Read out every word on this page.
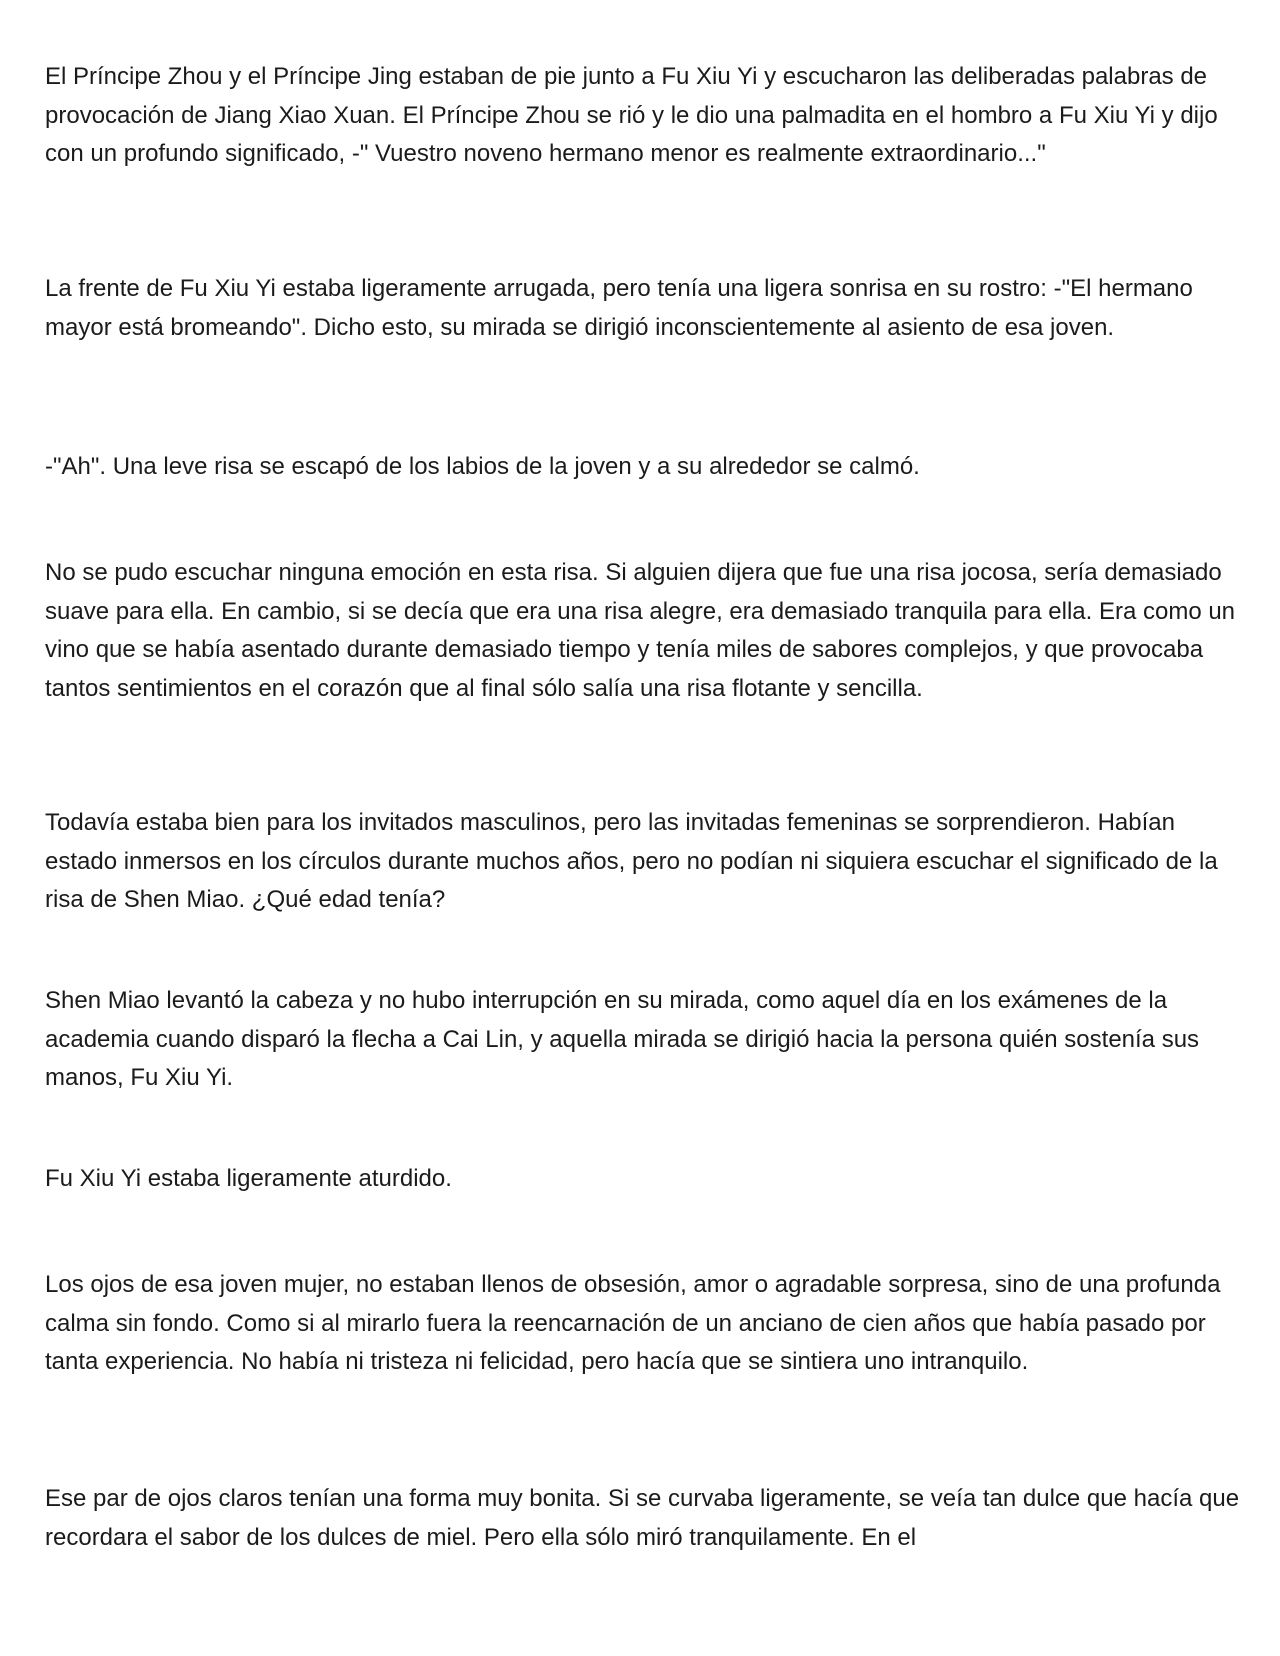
El Príncipe Zhou y el Príncipe Jing estaban de pie junto a Fu Xiu Yi y escucharon las deliberadas palabras de provocación de Jiang Xiao Xuan. El Príncipe Zhou se rió y le dio una palmadita en el hombro a Fu Xiu Yi y dijo con un profundo significado, -" Vuestro noveno hermano menor es realmente extraordinario..."

La frente de Fu Xiu Yi estaba ligeramente arrugada, pero tenía una ligera sonrisa en su rostro: -"El hermano mayor está bromeando". Dicho esto, su mirada se dirigió inconscientemente al asiento de esa joven.

-"Ah". Una leve risa se escapó de los labios de la joven y a su alrededor se calmó.

No se pudo escuchar ninguna emoción en esta risa. Si alguien dijera que fue una risa jocosa, sería demasiado suave para ella. En cambio, si se decía que era una risa alegre, era demasiado tranquila para ella. Era como un vino que se había asentado durante demasiado tiempo y tenía miles de sabores complejos, y que provocaba tantos sentimientos en el corazón que al final sólo salía una risa flotante y sencilla.

Todavía estaba bien para los invitados masculinos, pero las invitadas femeninas se sorprendieron. Habían estado inmersos en los círculos durante muchos años, pero no podían ni siquiera escuchar el significado de la risa de Shen Miao. ¿Qué edad tenía?

Shen Miao levantó la cabeza y no hubo interrupción en su mirada, como aquel día en los exámenes de la academia cuando disparó la flecha a Cai Lin, y aquella mirada se dirigió hacia la persona quién sostenía sus manos, Fu Xiu Yi.

Fu Xiu Yi estaba ligeramente aturdido.

Los ojos de esa joven mujer, no estaban llenos de obsesión, amor o agradable sorpresa, sino de una profunda calma sin fondo. Como si al mirarlo fuera la reencarnación de un anciano de cien años que había pasado por tanta experiencia. No había ni tristeza ni felicidad, pero hacía que se sintiera uno intranquilo.

Ese par de ojos claros tenían una forma muy bonita. Si se curvaba ligeramente, se veía tan dulce que hacía que recordara el sabor de los dulces de miel. Pero ella sólo miró tranquilamente. En el
